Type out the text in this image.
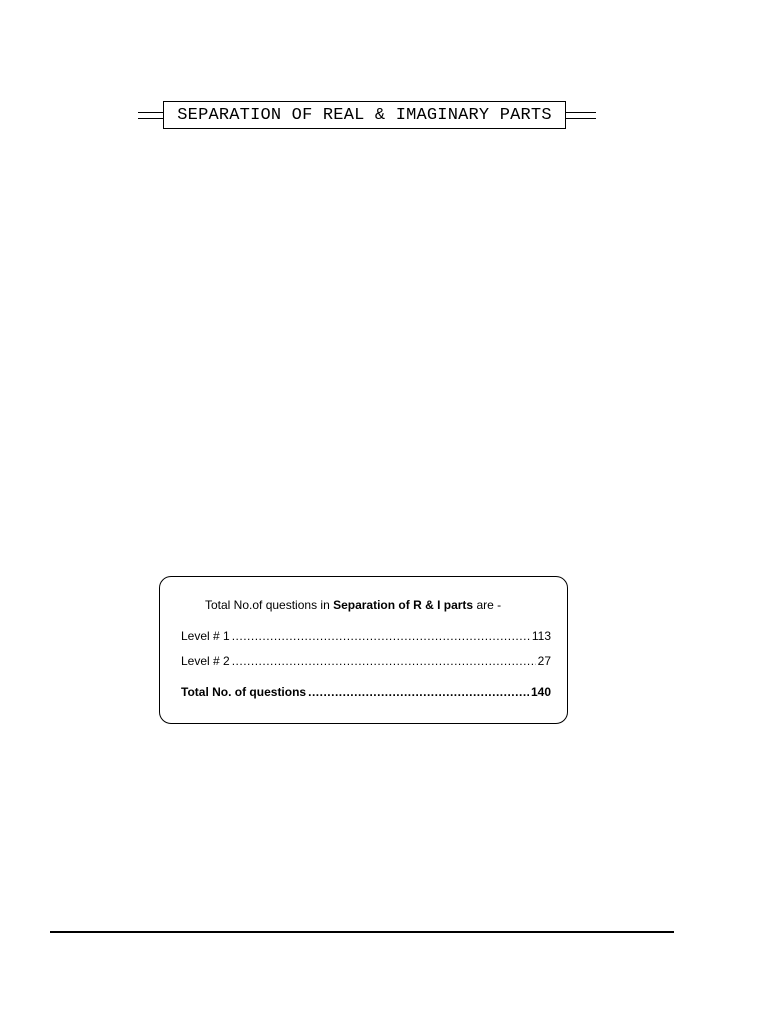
SEPARATION OF REAL & IMAGINARY PARTS
Total No.of questions in Separation of R & I parts are -
Level # 1 .....	113
Level # 2 .....	27
Total No. of questions .....	140
